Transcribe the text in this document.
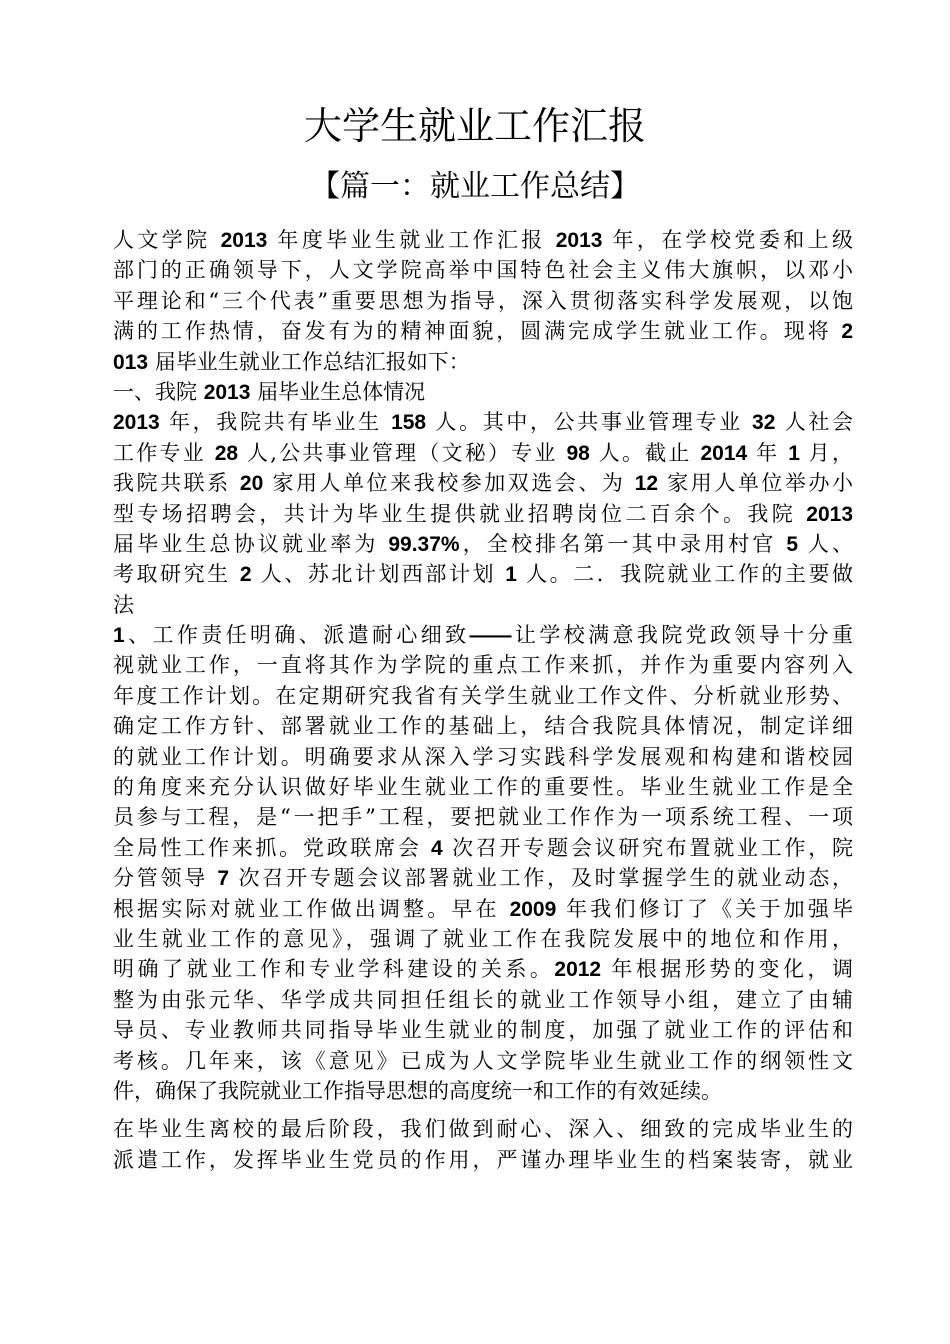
大学生就业工作汇报
【篇一：就业工作总结】
人文学院 2013 年度毕业生就业工作汇报 2013 年，在学校党委和上级
部门的正确领导下，人文学院高举中国特色社会主义伟大旗帜，以邓小
平理论和“三个代表”重要思想为指导，深入贯彻落实科学发展观，以饱
满的工作热情，奋发有为的精神面貌，圆满完成学生就业工作。现将 2
013 届毕业生就业工作总结汇报如下：
一、我院 2013 届毕业生总体情况
2013 年，我院共有毕业生 158 人。其中，公共事业管理专业 32 人社会
工作专业 28 人,公共事业管理（文秘）专业 98 人。截止 2014 年 1 月，
我院共联系 20 家用人单位来我校参加双选会、为 12 家用人单位举办小
型专场招聘会，共计为毕业生提供就业招聘岗位二百余个。我院 2013
届毕业生总协议就业率为 99.37%，全校排名第一其中录用村官 5 人、
考取研究生 2 人、苏北计划西部计划 1 人。二．我院就业工作的主要做
法
1、工作责任明确、派遣耐心细致——让学校满意我院党政领导十分重
视就业工作，一直将其作为学院的重点工作来抓，并作为重要内容列入
年度工作计划。在定期研究我省有关学生就业工作文件、分析就业形势、
确定工作方针、部署就业工作的基础上，结合我院具体情况，制定详细
的就业工作计划。明确要求从深入学习实践科学发展观和构建和谐校园
的角度来充分认识做好毕业生就业工作的重要性。毕业生就业工作是全
员参与工程，是“一把手”工程，要把就业工作作为一项系统工程、一项
全局性工作来抓。党政联席会 4 次召开专题会议研究布置就业工作，院
分管领导 7 次召开专题会议部署就业工作，及时掌握学生的就业动态，
根据实际对就业工作做出调整。早在 2009 年我们修订了《关于加强毕
业生就业工作的意见》，强调了就业工作在我院发展中的地位和作用，
明确了就业工作和专业学科建设的关系。2012 年根据形势的变化，调
整为由张元华、华学成共同担任组长的就业工作领导小组，建立了由辅
导员、专业教师共同指导毕业生就业的制度，加强了就业工作的评估和
考核。几年来，该《意见》已成为人文学院毕业生就业工作的纲领性文
件，确保了我院就业工作指导思想的高度统一和工作的有效延续。
在毕业生离校的最后阶段，我们做到耐心、深入、细致的完成毕业生的
派遣工作，发挥毕业生党员的作用，严谨办理毕业生的档案装寄，就业
